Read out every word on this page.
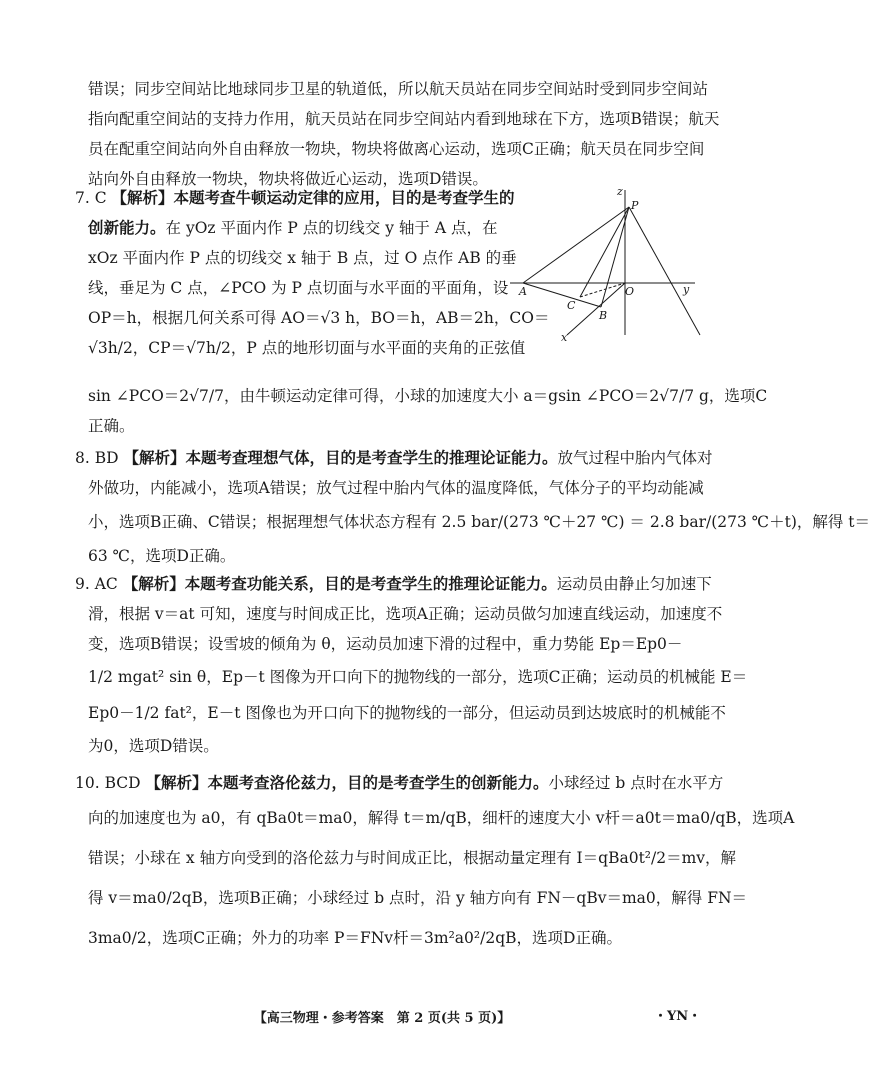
错误；同步空间站比地球同步卫星的轨道低，所以航天员站在同步空间站时受到同步空间站
指向配重空间站的支持力作用，航天员站在同步空间站内看到地球在下方，选项B错误；航天
员在配重空间站向外自由释放一物块，物块将做离心运动，选项C正确；航天员在同步空间
站向外自由释放一物块，物块将做近心运动，选项D错误。
7. C 【解析】本题考查牛顿运动定律的应用，目的是考查学生的
创新能力。在 yOz 平面内作 P 点的切线交 y 轴于 A 点，在
xOz 平面内作 P 点的切线交 x 轴于 B 点，过 O 点作 AB 的垂
线，垂足为 C 点，∠PCO 为 P 点切面与水平面的平面角，设
OP＝h，根据几何关系可得 AO＝√3 h，BO＝h，AB＝2h，CO＝
√3h/2，CP＝√7h/2，P 点的地形切面与水平面的夹角的正弦值
sin ∠PCO＝2√7/7，由牛顿运动定律可得，小球的加速度大小 a＝gsin ∠PCO＝2√7/7 g，选项C
正确。
z
P
A	O	y
C
B
x
8. BD 【解析】本题考查理想气体，目的是考查学生的推理论证能力。放气过程中胎内气体对
外做功，内能减小，选项A错误；放气过程中胎内气体的温度降低，气体分子的平均动能减
小，选项B正确、C错误；根据理想气体状态方程有 2.5 bar/(273 ℃＋27 ℃) ＝ 2.8 bar/(273 ℃＋t)，解得 t＝
63 ℃，选项D正确。
9. AC 【解析】本题考查功能关系，目的是考查学生的推理论证能力。运动员由静止匀加速下
滑，根据 v＝at 可知，速度与时间成正比，选项A正确；运动员做匀加速直线运动，加速度不
变，选项B错误；设雪坡的倾角为 θ，运动员加速下滑的过程中，重力势能 Ep＝Ep0－
1/2 mgat² sin θ，Ep－t 图像为开口向下的抛物线的一部分，选项C正确；运动员的机械能 E＝
Ep0－1/2 fat²，E－t 图像也为开口向下的抛物线的一部分，但运动员到达坡底时的机械能不
为0，选项D错误。
10. BCD 【解析】本题考查洛伦兹力，目的是考查学生的创新能力。小球经过 b 点时在水平方
向的加速度也为 a0，有 qBa0t＝ma0，解得 t＝m/qB，细杆的速度大小 v杆＝a0t＝ma0/qB，选项A
错误；小球在 x 轴方向受到的洛伦兹力与时间成正比，根据动量定理有 I＝qBa0t²/2＝mv，解
得 v＝ma0/2qB，选项B正确；小球经过 b 点时，沿 y 轴方向有 FN－qBv＝ma0，解得 FN＝
3ma0/2，选项C正确；外力的功率 P＝FNv杆＝3m²a0²/2qB，选项D正确。
【高三物理・参考答案　第 2 页(共 5 页)】	・YN・
